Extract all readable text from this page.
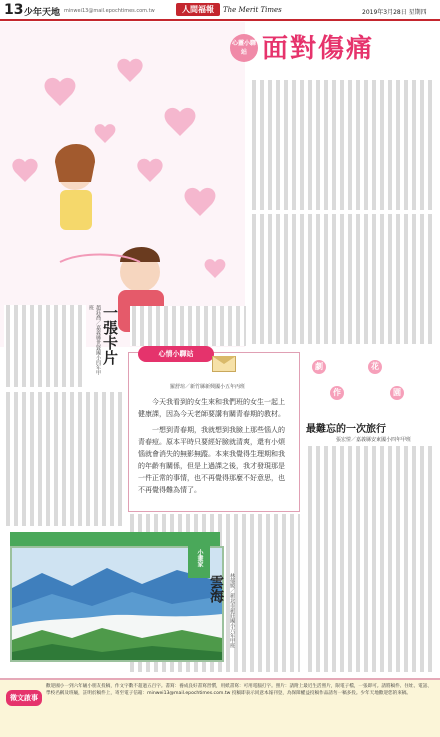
13 少年天地 minwei13@mail.epochtimes.com.tw	人間福報	The Merit Times	2019年3月28日 星期四
心靈小驛站 面對傷痛
一張卡片
趙鈺喬／嘉義縣世賢國小四年甲班
心情小驛站
羅舒瑄／新竹縣新興國小五年丙班

今天我看到的女生來和我們班的女生一起上健康課，因為今天老師要講有關青春期的教材。

一想到青春期，我就想到我臉上那些惱人的青春痘。原本平時只要經好臉就清爽，還有小煩惱就會消失的無影無蹤。本來我覺得生理期和我的年齡有關係，但是上過課之後，我才發現那是一件正常的事情，也不再覺得那麼不好意思，也不再覺得難為情了。

劇
作
花
園
最難忘的一次旅行
張宏愷／嘉義縣安東國小四年甲班
小畫家
雲海	林郁媛／新北市新莊國小六年甲班
徵文啟事
歡迎國小一到六年級小朋友投稿，作文字數不超過五百字。書寫：養成良好書寫習慣，用紙書寫：可用電腦打字。照片：請附上最近生活照片，限電子檔，一張即可。請將稿件、住址、電話、學校名稱及班級，註明於稿件上，寄至電子信箱：minwei13@mail.epochtimes.com.tw 投稿即表示同意本報刊登，為保障權益投稿作品請勿一稿多投。少年天地歡迎您的來稿。
